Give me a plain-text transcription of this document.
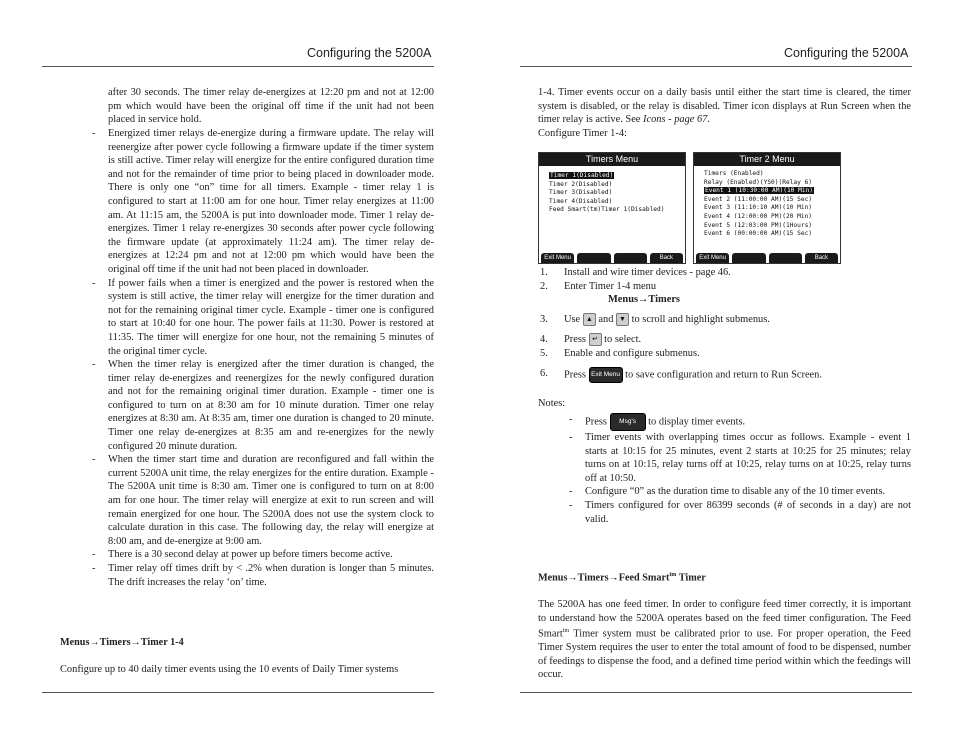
Configuring the 5200A

after 30 seconds. The timer relay de-energizes at 12:20 pm and not at 12:00 pm which would have been the original off time if the unit had not been placed in service hold.

- Energized timer relays de-energize during a firmware update. The relay will reenergize after power cycle following a firmware update if the timer system is still active. Timer relay will energize for the entire configured duration time and not for the remainder of time prior to being placed in downloader mode. There is only one “on” time for all timers. Example - timer relay 1 is configured to start at 11:00 am for one hour. Timer relay energizes at 11:00 am. At 11:15 am, the 5200A is put into downloader mode. Timer 1 relay de-energizes. Timer 1 relay re-energizes 30 seconds after power cycle following the firmware update (at approximately 11:24 am). The timer relay de-energizes at 12:24 pm and not at 12:00 pm which would have been the original off time if the unit had not been placed in downloader.
- If power fails when a timer is energized and the power is restored when the system is still active, the timer relay will energize for the timer duration and not for the remaining original timer cycle. Example - timer one is configured to start at 10:40 for one hour. The power fails at 11:30. Power is restored at 11:35. The timer will energize for one hour, not the remaining 5 minutes of the original timer cycle.
- When the timer relay is energized after the timer duration is changed, the timer relay de-energizes and reenergizes for the newly configured duration and not for the remaining original timer duration. Example - timer one is configured to turn on at 8:30 am for 10 minute duration. Timer one relay energizes at 8:30 am. At 8:35 am, timer one duration is changed to 20 minute. Timer one relay de-energizes at 8:35 am and re-energizes for the newly configured 20 minute duration.
- When the timer start time and duration are reconfigured and fall within the current 5200A unit time, the relay energizes for the entire duration. Example - The 5200A unit time is 8:30 am. Timer one is configured to turn on at 8:00 am for one hour. The timer relay will energize at exit to run screen and will remain energized for one hour. The 5200A does not use the system clock to calculate duration in this case. The following day, the relay will energize at 8:00 am, and de-energize at 9:00 am.
- There is a 30 second delay at power up before timers become active.
- Timer relay off times drift by < .2% when duration is longer than 5 minutes. The drift increases the relay ‘on’ time.
Menus→Timers→Timer 1-4
Configure up to 40 daily timer events using the 10 events of Daily Timer systems
Configuring the 5200A

1-4. Timer events occur on a daily basis until either the start time is cleared, the timer system is disabled, or the relay is disabled. Timer icon displays at Run Screen when the timer relay is active. See Icons - page 67.

Configure Timer 1-4:

Timers Menu
Timer 1(Disabled)
Timer 2(Disabled)
Timer 3(Disabled)
Timer 4(Disabled)
Feed Smart(tm)Timer 1(Disabled)
Exit Menu	Back
Timer 2 Menu
Timers (Enabled)
Relay (Enabled)(YS0)(Relay 6)
Event 1 (10:30:00 AM)(10 Min)
Event 2 (11:00:00 AM)(15 Sec)
Event 3 (11:10:10 AM)(10 Min)
Event 4 (12:00:00 PM)(20 Min)
Event 5 (12:03:00 PM)(1Hours)
Event 6 (00:00:00 AM)(15 Sec)
Exit Menu	Back
1. Install and wire timer devices - page 46.
2. Enter Timer 1-4 menu
Menus→Timers
3. Use ▲ and ▼ to scroll and highlight submenus.
4. Press ↵ to select.
5. Enable and configure submenus.
6. Press Exit Menu to save configuration and return to Run Screen.
Notes:
- Press Msg's to display timer events.
- Timer events with overlapping times occur as follows. Example - event 1 starts at 10:15 for 25 minutes, event 2 starts at 10:25 for 25 minutes; relay turns on at 10:15, relay turns off at 10:25, relay turns on at 10:25, relay turns off at 10:50.
- Configure “0” as the duration time to disable any of the 10 timer events.
- Timers configured for over 86399 seconds (# of seconds in a day) are not valid.
Menus→Timers→Feed Smart$^{tm}$ Timer
The 5200A has one feed timer. In order to configure feed timer correctly, it is important to understand how the 5200A operates based on the feed timer configuration. The Feed Smart$^{tm}$ Timer system must be calibrated prior to use. For proper operation, the Feed Timer System requires the user to enter the total amount of food to be dispensed, number of feedings to dispense the food, and a defined time period within which the feedings will occur.
